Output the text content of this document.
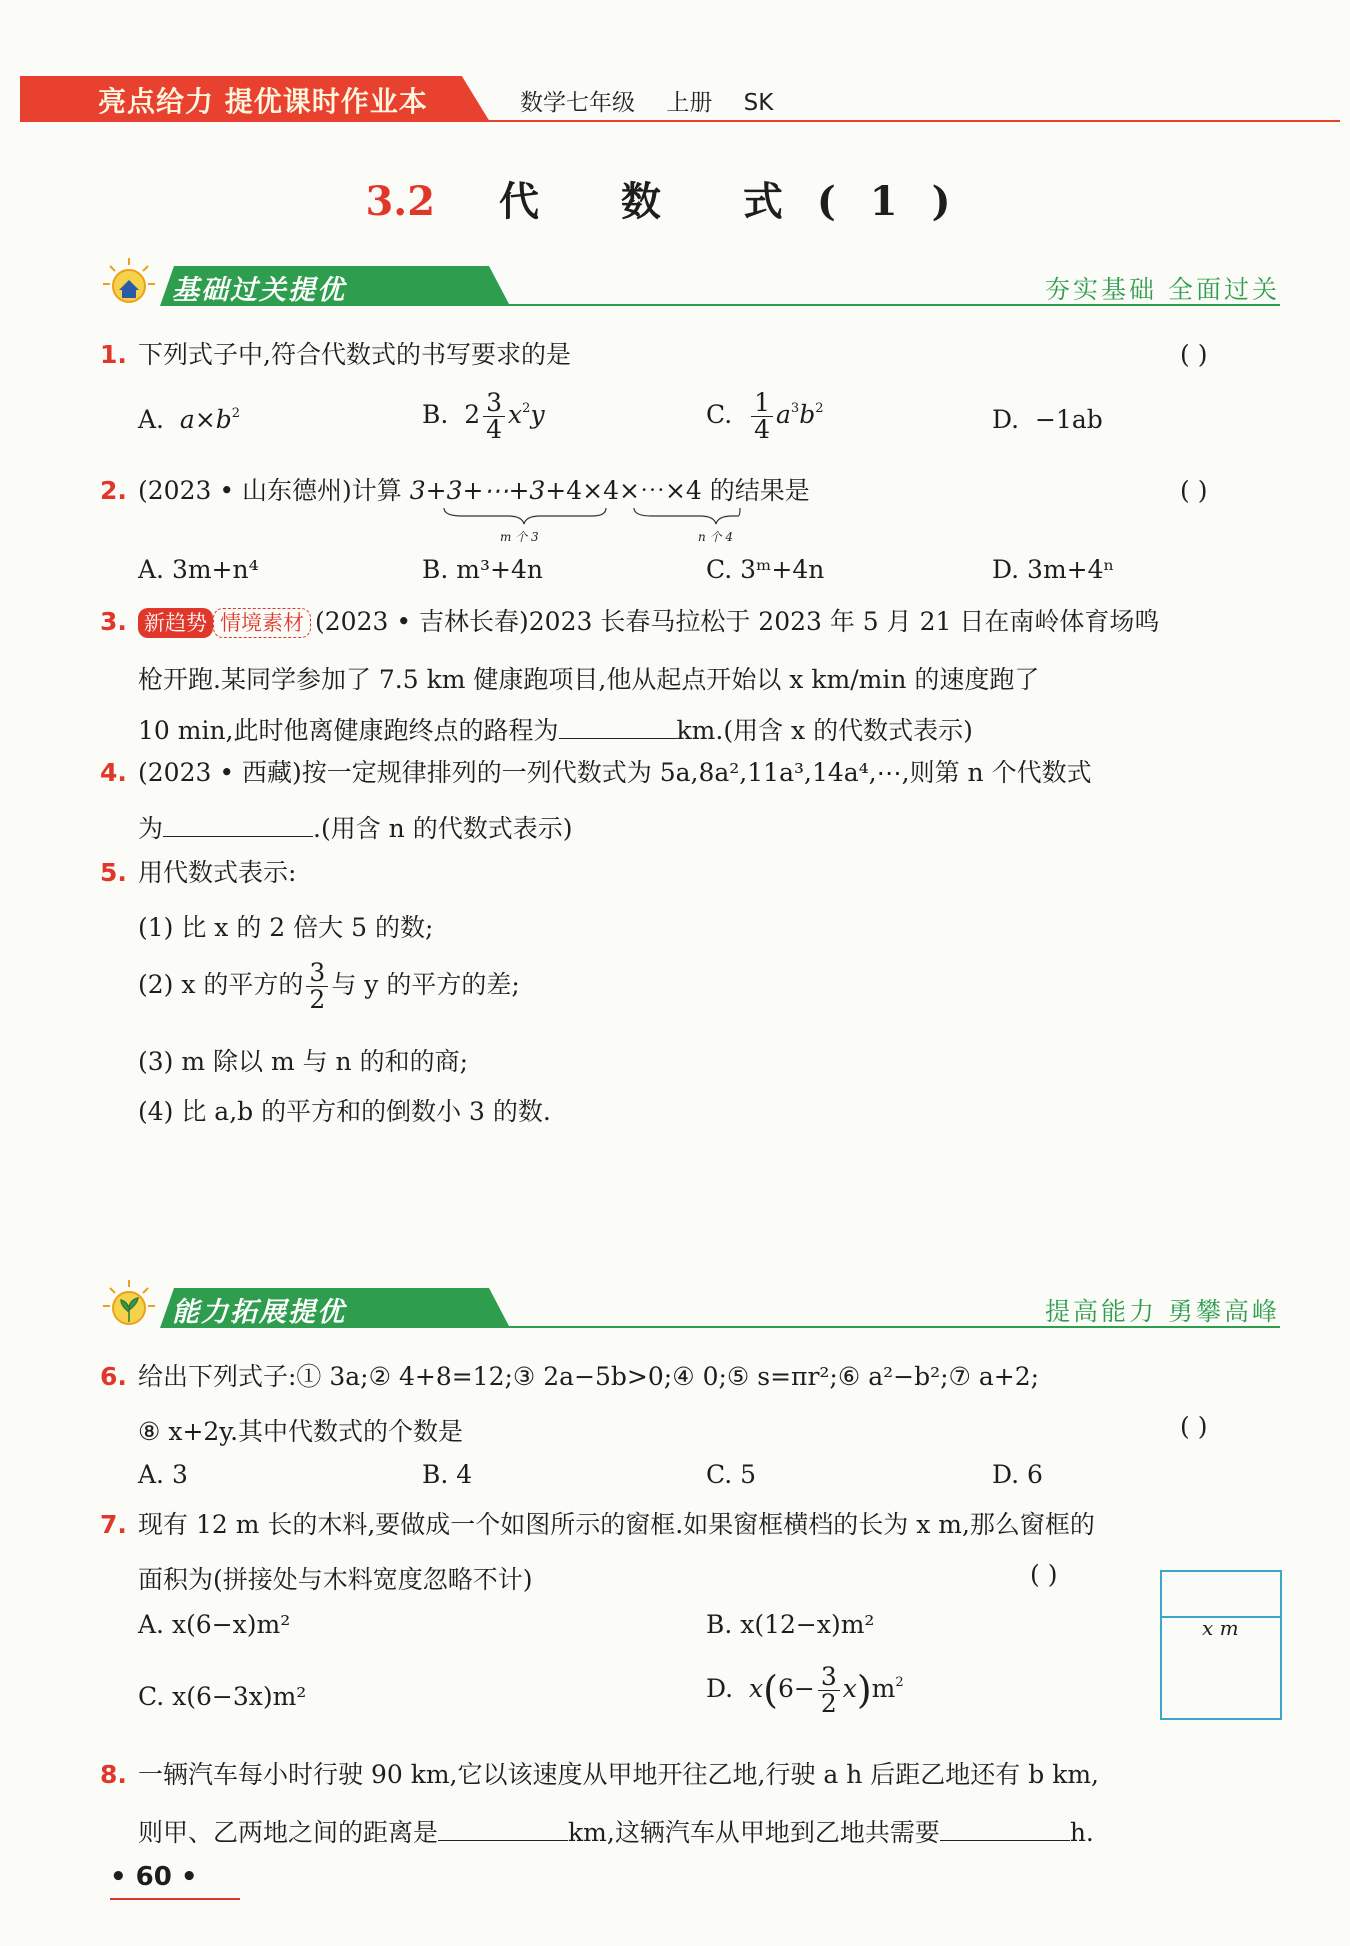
亮点给力 提优课时作业本	数学七年级 上册 SK
3.2 代 数 式(1)
基础过关提优	夯实基础 全面过关
1. 下列式子中,符合代数式的书写要求的是	( )
A. $a\times b^2$	B.  $2 \frac{3}{4} x^2y$	C. $\frac{1}{4} a^3b^2$	D. −1ab
2. (2023 • 山东德州)计算 3+3+⋯+3+4×4×⋯×4 的结果是
m 个 3	n 个 4
( )
A. 3m+n⁴	B. m³+4n	C. 3ᵐ+4n	D. 3m+4ⁿ
3. 新趋势 情境素材 (2023 • 吉林长春)2023 长春马拉松于 2023 年 5 月 21 日在南岭体育场鸣
枪开跑.某同学参加了 7.5 km 健康跑项目,他从起点开始以 x km/min 的速度跑了
10 min,此时他离健康跑终点的路程为	km.(用含 x 的代数式表示)
4. (2023 • 西藏)按一定规律排列的一列代数式为 5a,8a²,11a³,14a⁴,⋯,则第 n 个代数式
为	.(用含 n 的代数式表示)
5. 用代数式表示:
(1) 比 x 的 2 倍大 5 的数;
(2) x 的平方的 $\frac{3}{2}$ 与 y 的平方的差;
(3) m 除以 m 与 n 的和的商;
(4) 比 a,b 的平方和的倒数小 3 的数.
能力拓展提优	提高能力 勇攀高峰
6. 给出下列式子:① 3a;② 4+8=12;③ 2a−5b>0;④ 0;⑤ s=πr²;⑥ a²−b²;⑦ a+2;
⑧ x+2y.其中代数式的个数是	( )
A. 3	B. 4	C. 5	D. 6
7. 现有 12 m 长的木料,要做成一个如图所示的窗框.如果窗框横档的长为 x m,那么窗框的
面积为(拼接处与木料宽度忽略不计)	( )
A. x(6−x)m²	B. x(12−x)m²
C. x(6−3x)m²	D. $x(6- \frac{3}{2} x)m^2$
x m
8. 一辆汽车每小时行驶 90 km,它以该速度从甲地开往乙地,行驶 a h 后距乙地还有 b km,
则甲、乙两地之间的距离是	km,这辆汽车从甲地到乙地共需要	h.
• 60 •
